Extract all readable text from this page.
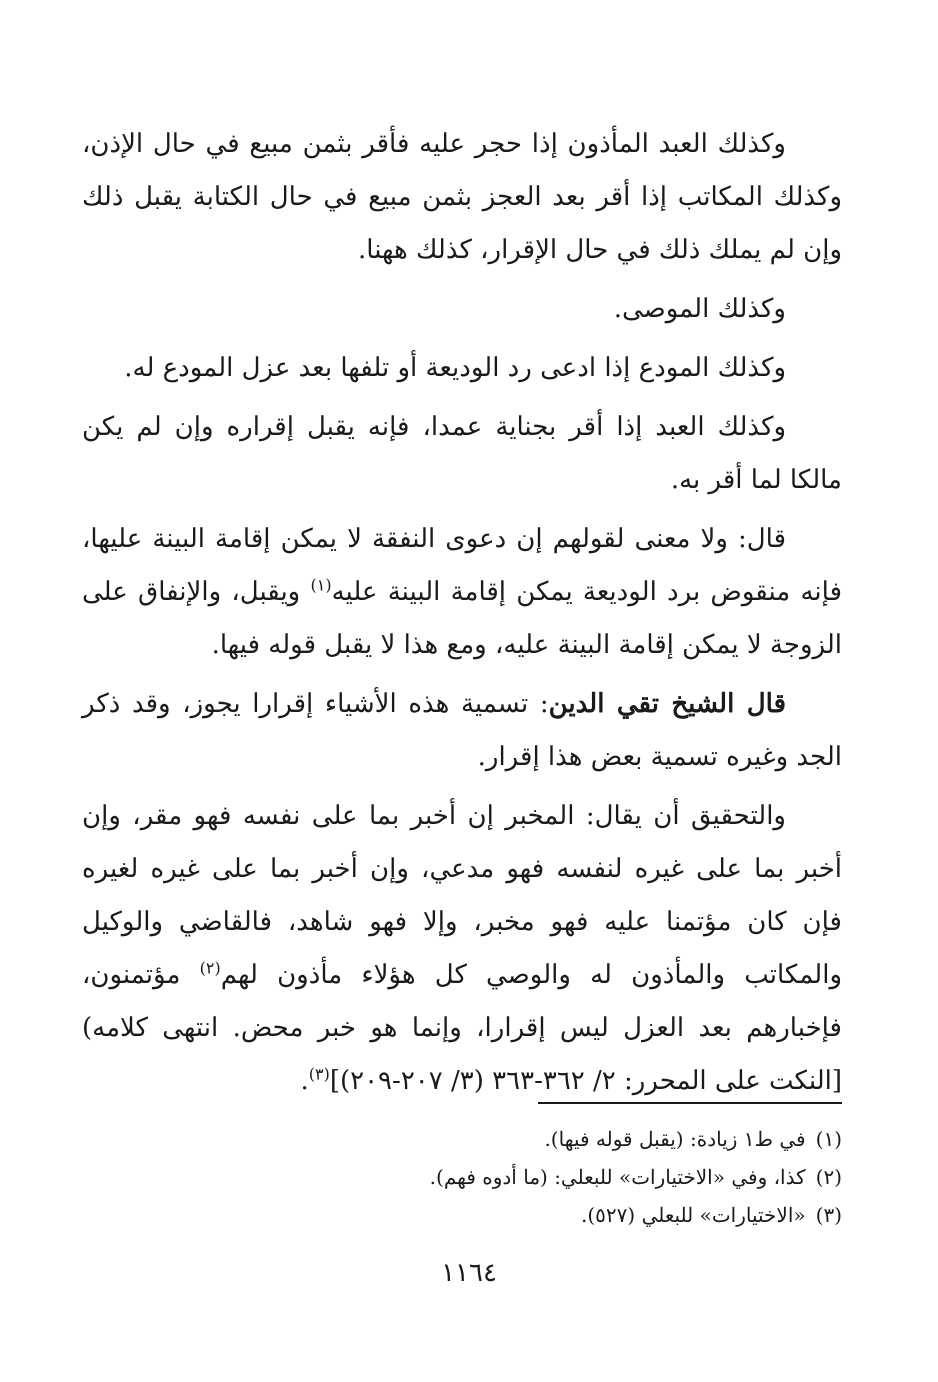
وكذلك العبد المأذون إذا حجر عليه فأقر بثمن مبيع في حال الإذن، وكذلك المكاتب إذا أقر بعد العجز بثمن مبيع في حال الكتابة يقبل ذلك وإن لم يملك ذلك في حال الإقرار، كذلك ههنا.

وكذلك الموصى.

وكذلك المودع إذا ادعى رد الوديعة أو تلفها بعد عزل المودع له.

وكذلك العبد إذا أقر بجناية عمدا، فإنه يقبل إقراره وإن لم يكن مالكا لما أقر به.

قال: ولا معنى لقولهم إن دعوى النفقة لا يمكن إقامة البينة عليها، فإنه منقوض برد الوديعة يمكن إقامة البينة عليه$^{(١)}$ ويقبل، والإنفاق على الزوجة لا يمكن إقامة البينة عليه، ومع هذا لا يقبل قوله فيها.

قال الشيخ تقي الدين: تسمية هذه الأشياء إقرارا يجوز، وقد ذكر الجد وغيره تسمية بعض هذا إقرار.

والتحقيق أن يقال: المخبر إن أخبر بما على نفسه فهو مقر، وإن أخبر بما على غيره لنفسه فهو مدعي، وإن أخبر بما على غيره لغيره فإن كان مؤتمنا عليه فهو مخبر، وإلا فهو شاهد، فالقاضي والوكيل والمكاتب والمأذون له والوصي كل هؤلاء مأذون لهم$^{(٢)}$ مؤتمنون، فإخبارهم بعد العزل ليس إقرارا، وإنما هو خبر محض. انتهى كلامه) [النكت على المحرر: ٢/ ٣٦٢-٣٦٣ (٣/ ٢٠٧-٢٠٩)]$^{(٣)}$.

(١)في ط١ زيادة: (يقبل قوله فيها).

(٢)كذا، وفي «الاختيارات» للبعلي: (ما أدوه فهم).

(٣)«الاختيارات» للبعلي (٥٢٧).

١١٦٤
